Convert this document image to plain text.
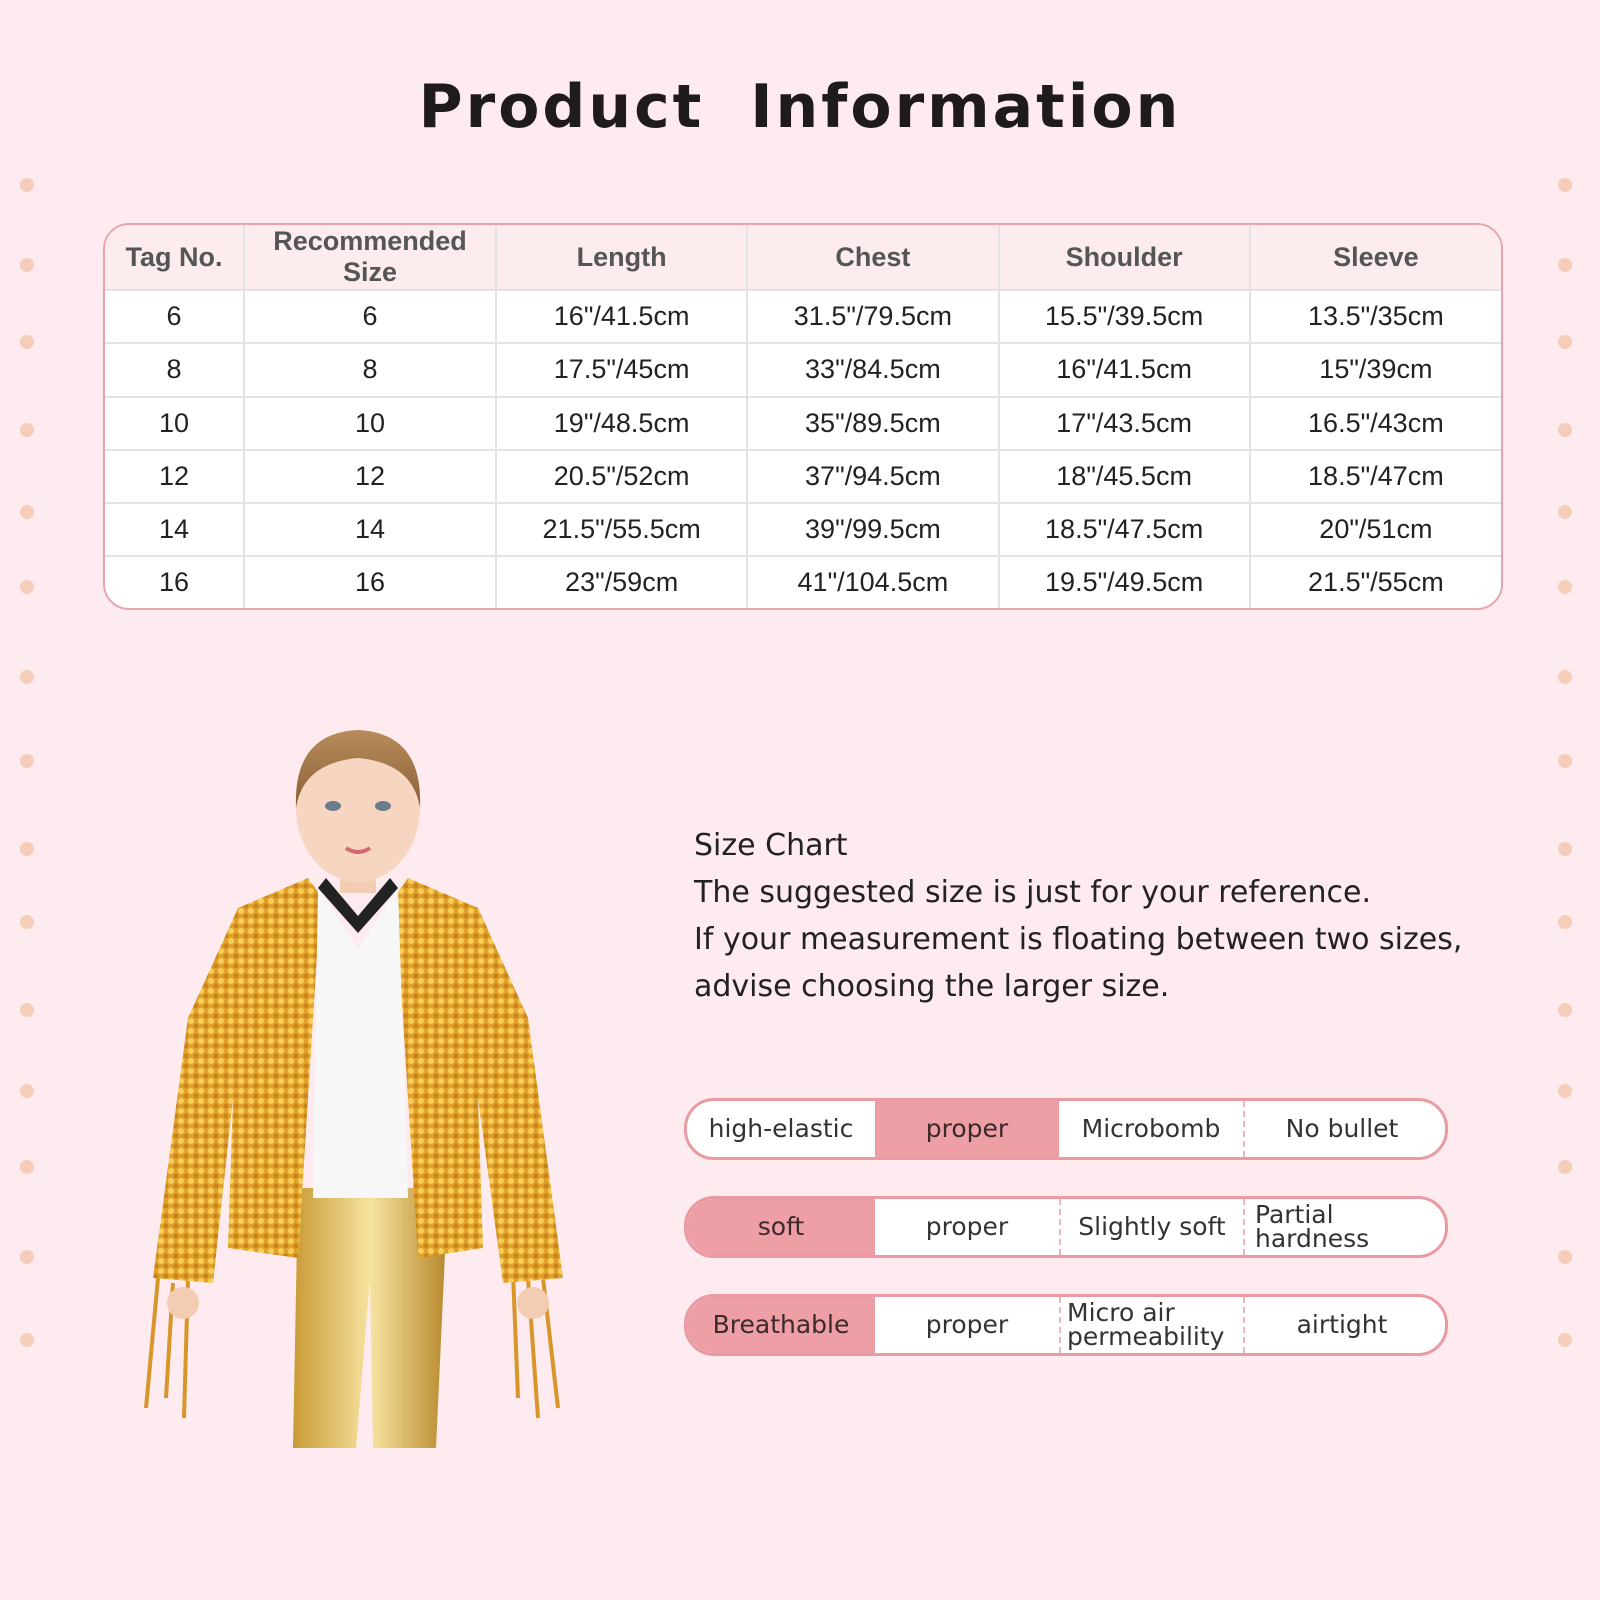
Product Information
Tag No.	Recommended Size	Length	Chest	Shoulder	Sleeve
6	6	16"/41.5cm	31.5"/79.5cm	15.5"/39.5cm	13.5"/35cm
8	8	17.5"/45cm	33"/84.5cm	16"/41.5cm	15"/39cm
10	10	19"/48.5cm	35"/89.5cm	17"/43.5cm	16.5"/43cm
12	12	20.5"/52cm	37"/94.5cm	18"/45.5cm	18.5"/47cm
14	14	21.5"/55.5cm	39"/99.5cm	18.5"/47.5cm	20"/51cm
16	16	23"/59cm	41"/104.5cm	19.5"/49.5cm	21.5"/55cm
Size Chart
The suggested size is just for your reference.
If your measurement is floating between two sizes,
advise choosing the larger size.
high-elastic	proper	Microbomb	No bullet
soft	proper	Slightly soft	Partial hardness
Breathable	proper	Micro air permeability	airtight
